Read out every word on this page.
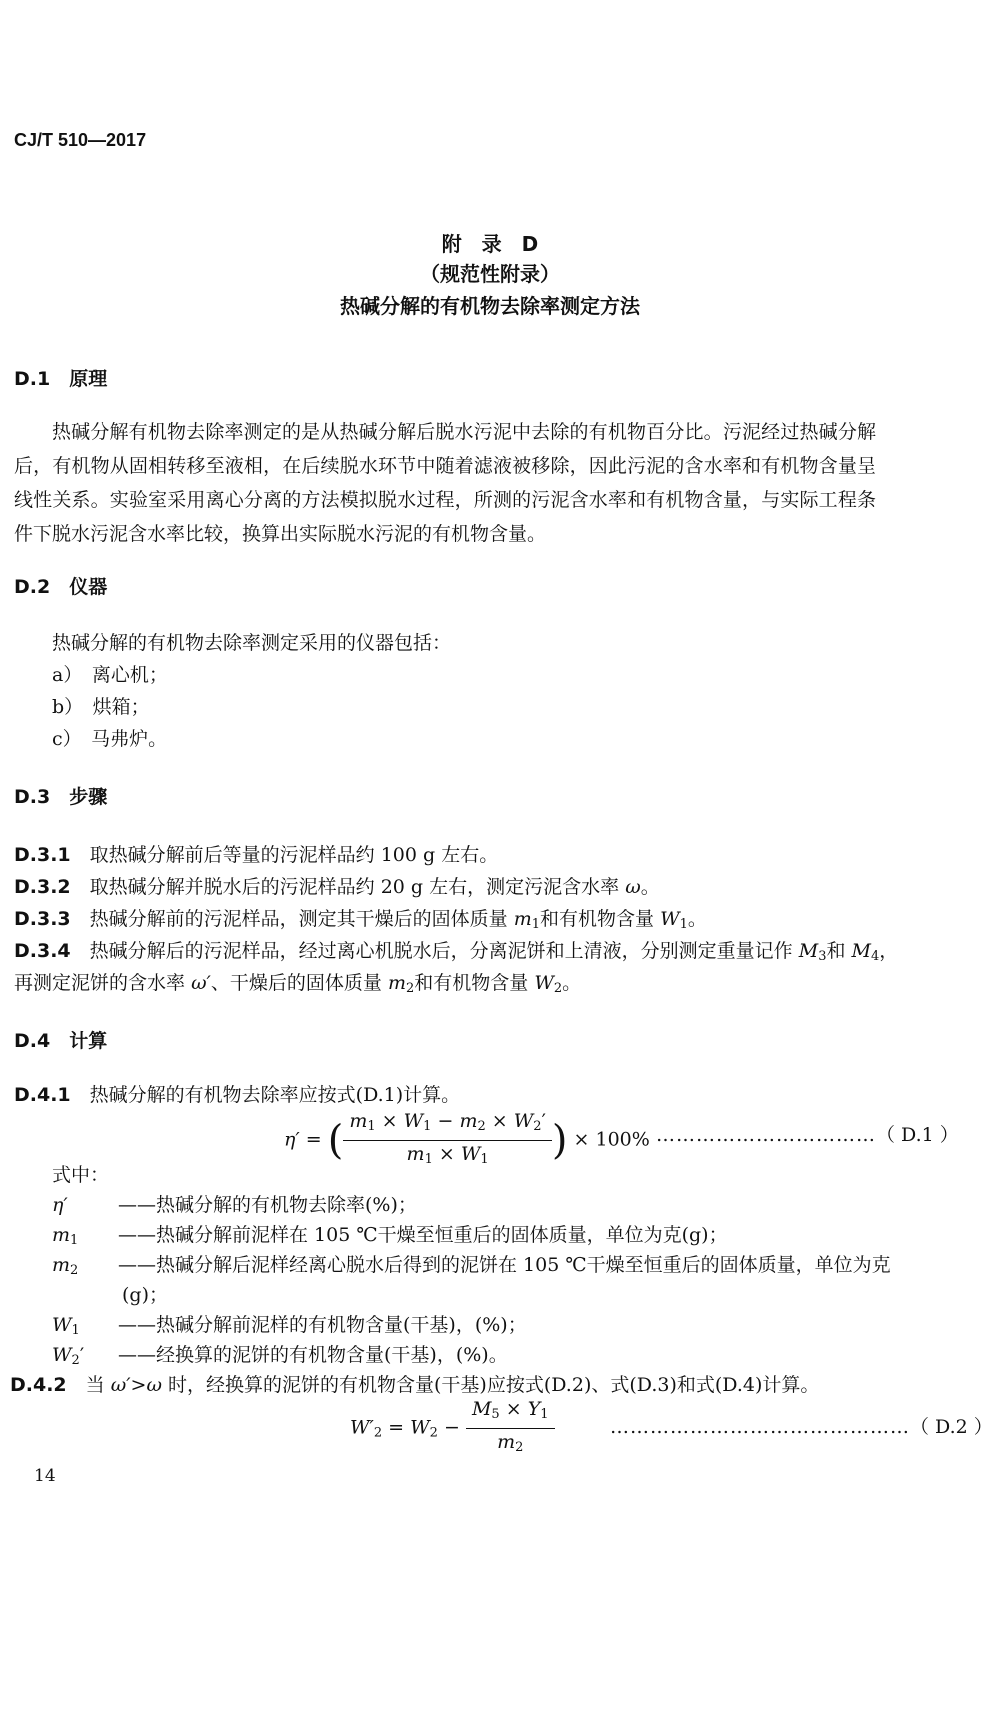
CJ/T 510—2017
附　录　D
（规范性附录）
热碱分解的有机物去除率测定方法
D.1　原理
热碱分解有机物去除率测定的是从热碱分解后脱水污泥中去除的有机物百分比。污泥经过热碱分解后，有机物从固相转移至液相，在后续脱水环节中随着滤液被移除，因此污泥的含水率和有机物含量呈线性关系。实验室采用离心分离的方法模拟脱水过程，所测的污泥含水率和有机物含量，与实际工程条件下脱水污泥含水率比较，换算出实际脱水污泥的有机物含量。
D.2　仪器
热碱分解的有机物去除率测定采用的仪器包括：
a）　离心机；
b）　烘箱；
c）　马弗炉。
D.3　步骤
D.3.1　 取热碱分解前后等量的污泥样品约 100 g 左右。
D.3.2　 取热碱分解并脱水后的污泥样品约 20 g 左右，测定污泥含水率 ω。
D.3.3　 热碱分解前的污泥样品，测定其干燥后的固体质量 $m_1$和有机物含量 $W_1$。
D.3.4　 热碱分解后的污泥样品，经过离心机脱水后，分离泥饼和上清液，分别测定重量记作 $M_3$和 $M_4$，
再测定泥饼的含水率 ω′、干燥后的固体质量 $m_2$和有机物含量 $W_2$。
D.4　计算
D.4.1　 热碱分解的有机物去除率应按式(D.1)计算。
η′ = ( $\frac{m_1 \times W_1 - m_2 \times W_2'}{m_1 \times W_1}$ ) × 100% ……………………………（ D.1 ）
式中：
η′	——热碱分解的有机物去除率(%)；
$m_1$ ——热碱分解前泥样在 105 ℃干燥至恒重后的固体质量，单位为克(g)；
$m_2$ ——热碱分解后泥样经离心脱水后得到的泥饼在 105 ℃干燥至恒重后的固体质量，单位为克
(g)；
$W_1$ ——热碱分解前泥样的有机物含量(干基)，(%)；
$W_2'$ ——经换算的泥饼的有机物含量(干基)，(%)。
D.4.2　 当 ω′>ω 时，经换算的泥饼的有机物含量(干基)应按式(D.2)、式(D.3)和式(D.4)计算。
$W'_2 = W_2 - \frac{M_5 \times Y_1}{m_2}$	………………………………………（ D.2 ）
14
